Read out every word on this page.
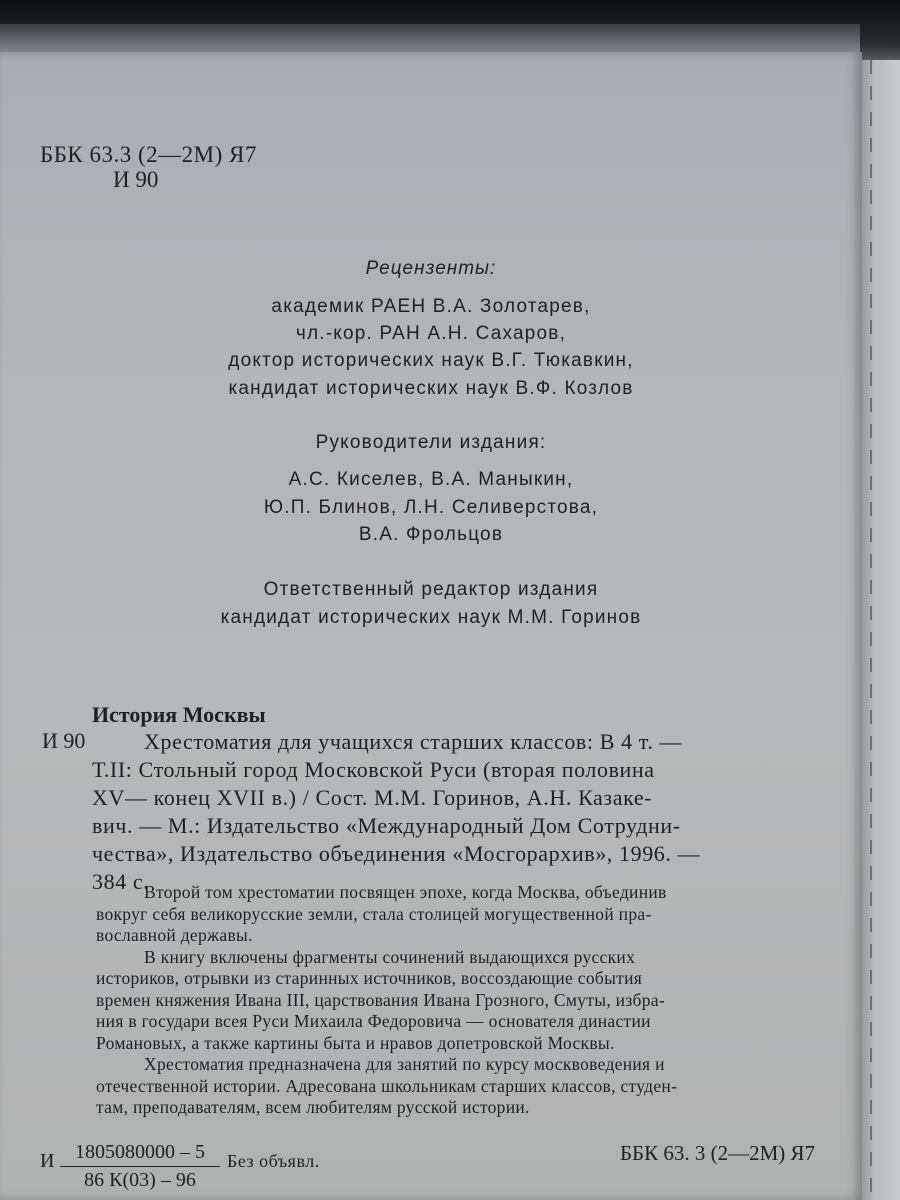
ББК 63.3 (2—2М) Я7

И 90

Рецензенты:

академик РАЕН В.А. Золотарев,

чл.-кор. РАН А.Н. Сахаров,

доктор исторических наук В.Г. Тюкавкин,

кандидат исторических наук В.Ф. Козлов

Руководители издания:

А.С. Киселев, В.А. Маныкин,

Ю.П. Блинов, Л.Н. Селиверстова,

В.А. Фрольцов

Ответственный редактор издания

кандидат исторических наук М.М. Горинов

История Москвы

И 90	Хрестоматия для учащихся старших классов: В 4 т. —
Т.II: Стольный город Московской Руси (вторая половина
XV— конец XVII в.) / Сост. М.М. Горинов, А.Н. Казаке-
вич. — М.: Издательство «Международный Дом Сотрудни-
чества», Издательство объединения «Мосгорархив», 1996. —
384 с.

Второй том хрестоматии посвящен эпохе, когда Москва, объединив
вокруг себя великорусские земли, стала столицей могущественной пра-
вославной державы.

В книгу включены фрагменты сочинений выдающихся русских
историков, отрывки из старинных источников, воссоздающие события
времен княжения Ивана III, царствования Ивана Грозного, Смуты, избра-
ния в государи всея Руси Михаила Федоровича — основателя династии
Романовых, а также картины быта и нравов допетровской Москвы.

Хрестоматия предназначена для занятий по курсу москвоведения и
отечественной истории. Адресована школьникам старших классов, студен-
там, преподавателям, всем любителям русской истории.

И	1805080000 – 5
86 К(03) – 96

Без объявл.	ББК 63. 3 (2—2М) Я7
